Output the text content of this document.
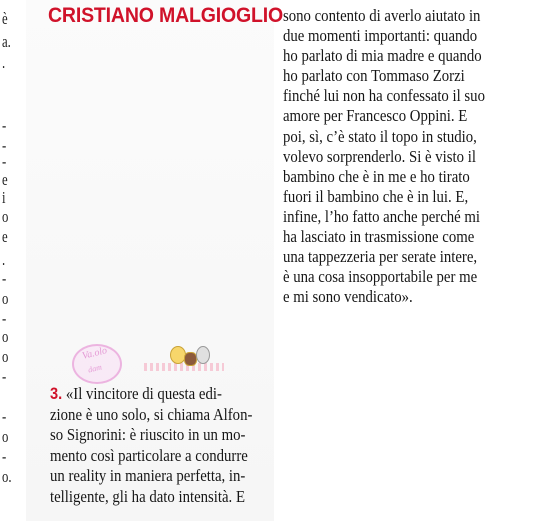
è
a.
.
-
-
-
e
i
o
e
.
-
o
-
o
o
-
-
o
-
o.
CRISTIANO MALGIOGLIO sono contento di averlo aiutato in
due momenti importanti: quando
ho parlato di mia madre e quando
ho parlato con Tommaso Zorzi
finché lui non ha confessato il suo
amore per Francesco Oppini. E
poi, sì, c’è stato il topo in studio,
volevo sorprenderlo. Si è visto il
bambino che è in me e ho tirato
fuori il bambino che è in lui. E,
infine, l’ho fatto anche perché mi
ha lasciato in trasmissione come
una tappezzeria per serate intere,
è una cosa insopportabile per me
e mi sono vendicato».
Va.olo
dam
3. «Il vincitore di questa edi-
zione è uno solo, si chiama Alfon-
so Signorini: è riuscito in un mo-
mento così particolare a condurre
un reality in maniera perfetta, in-
telligente, gli ha dato intensità. E
